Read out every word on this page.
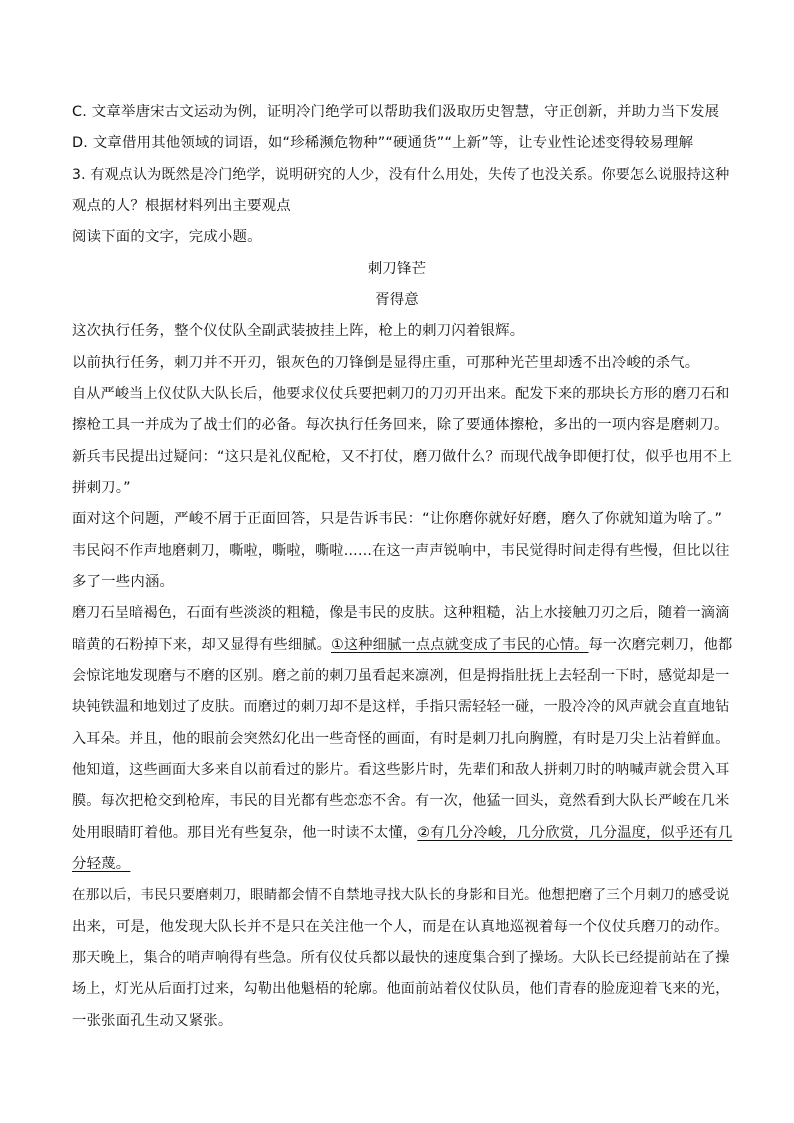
C. 文章举唐宋古文运动为例，证明冷门绝学可以帮助我们汲取历史智慧，守正创新，并助力当下发展
D. 文章借用其他领域的词语，如“珍稀濒危物种”“硬通货”“上新”等，让专业性论述变得较易理解
3. 有观点认为既然是冷门绝学，说明研究的人少，没有什么用处，失传了也没关系。你要怎么说服持这种
观点的人？根据材料列出主要观点
阅读下面的文字，完成小题。
刺刀锋芒
胥得意
这次执行任务，整个仪仗队全副武装披挂上阵，枪上的刺刀闪着银辉。
以前执行任务，刺刀并不开刃，银灰色的刀锋倒是显得庄重，可那种光芒里却透不出冷峻的杀气。
自从严峻当上仪仗队大队长后，他要求仪仗兵要把刺刀的刀刃开出来。配发下来的那块长方形的磨刀石和
擦枪工具一并成为了战士们的必备。每次执行任务回来，除了要通体擦枪，多出的一项内容是磨刺刀。
新兵韦民提出过疑问：“这只是礼仪配枪，又不打仗，磨刀做什么？而现代战争即便打仗，似乎也用不上
拼刺刀。”
面对这个问题，严峻不屑于正面回答，只是告诉韦民：“让你磨你就好好磨，磨久了你就知道为啥了。”
韦民闷不作声地磨刺刀，嘶啦，嘶啦，嘶啦……在这一声声锐响中，韦民觉得时间走得有些慢，但比以往
多了一些内涵。
磨刀石呈暗褐色，石面有些淡淡的粗糙，像是韦民的皮肤。这种粗糙，沾上水接触刀刃之后，随着一滴滴
暗黄的石粉掉下来，却又显得有些细腻。①这种细腻一点点就变成了韦民的心情。每一次磨完刺刀，他都
会惊诧地发现磨与不磨的区别。磨之前的刺刀虽看起来凛冽，但是拇指肚抚上去轻刮一下时，感觉却是一
块钝铁温和地划过了皮肤。而磨过的刺刀却不是这样，手指只需轻轻一碰，一股冷冷的风声就会直直地钻
入耳朵。并且，他的眼前会突然幻化出一些奇怪的画面，有时是刺刀扎向胸膛，有时是刀尖上沾着鲜血。
他知道，这些画面大多来自以前看过的影片。看这些影片时，先辈们和敌人拼刺刀时的呐喊声就会贯入耳
膜。每次把枪交到枪库，韦民的目光都有些恋恋不舍。有一次，他猛一回头，竟然看到大队长严峻在几米
处用眼睛盯着他。那目光有些复杂，他一时读不太懂，②有几分冷峻，几分欣赏，几分温度，似乎还有几
分轻蔑。
在那以后，韦民只要磨刺刀，眼睛都会情不自禁地寻找大队长的身影和目光。他想把磨了三个月刺刀的感受说
出来，可是，他发现大队长并不是只在关注他一个人，而是在认真地巡视着每一个仪仗兵磨刀的动作。
那天晚上，集合的哨声响得有些急。所有仪仗兵都以最快的速度集合到了操场。大队长已经提前站在了操
场上，灯光从后面打过来，勾勒出他魁梧的轮廓。他面前站着仪仗队员，他们青春的脸庞迎着飞来的光，
一张张面孔生动又紧张。
